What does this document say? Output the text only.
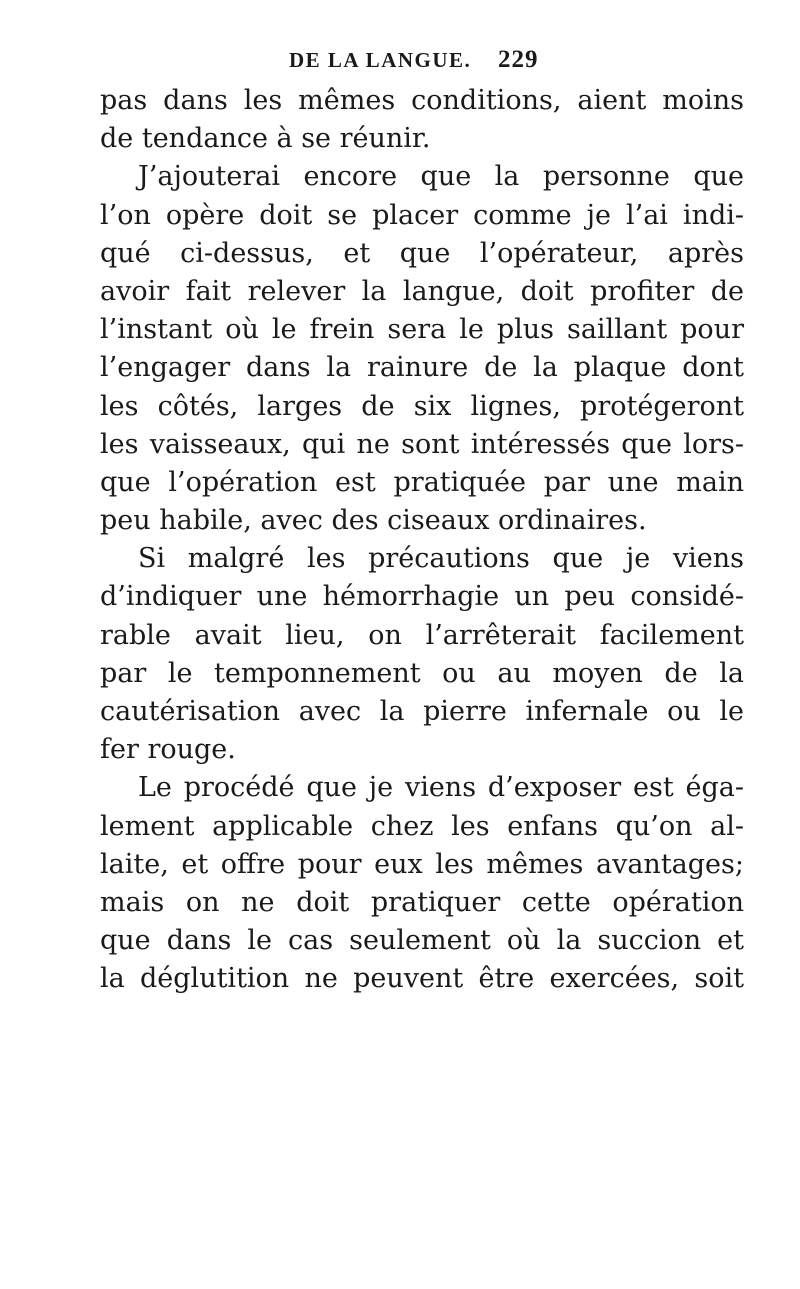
DE LA LANGUE. 229
pas dans les mêmes conditions, aient moins
de tendance à se réunir.
J’ajouterai encore que la personne que
l’on opère doit se placer comme je l’ai indi-
qué ci-dessus, et que l’opérateur, après
avoir fait relever la langue, doit profiter de
l’instant où le frein sera le plus saillant pour
l’engager dans la rainure de la plaque dont
les côtés, larges de six lignes, protégeront
les vaisseaux, qui ne sont intéressés que lors-
que l’opération est pratiquée par une main
peu habile, avec des ciseaux ordinaires.
Si malgré les précautions que je viens
d’indiquer une hémorrhagie un peu considé-
rable avait lieu, on l’arrêterait facilement
par le temponnement ou au moyen de la
cautérisation avec la pierre infernale ou le
fer rouge.
Le procédé que je viens d’exposer est éga-
lement applicable chez les enfans qu’on al-
laite, et offre pour eux les mêmes avantages;
mais on ne doit pratiquer cette opération
que dans le cas seulement où la succion et
la déglutition ne peuvent être exercées, soit
